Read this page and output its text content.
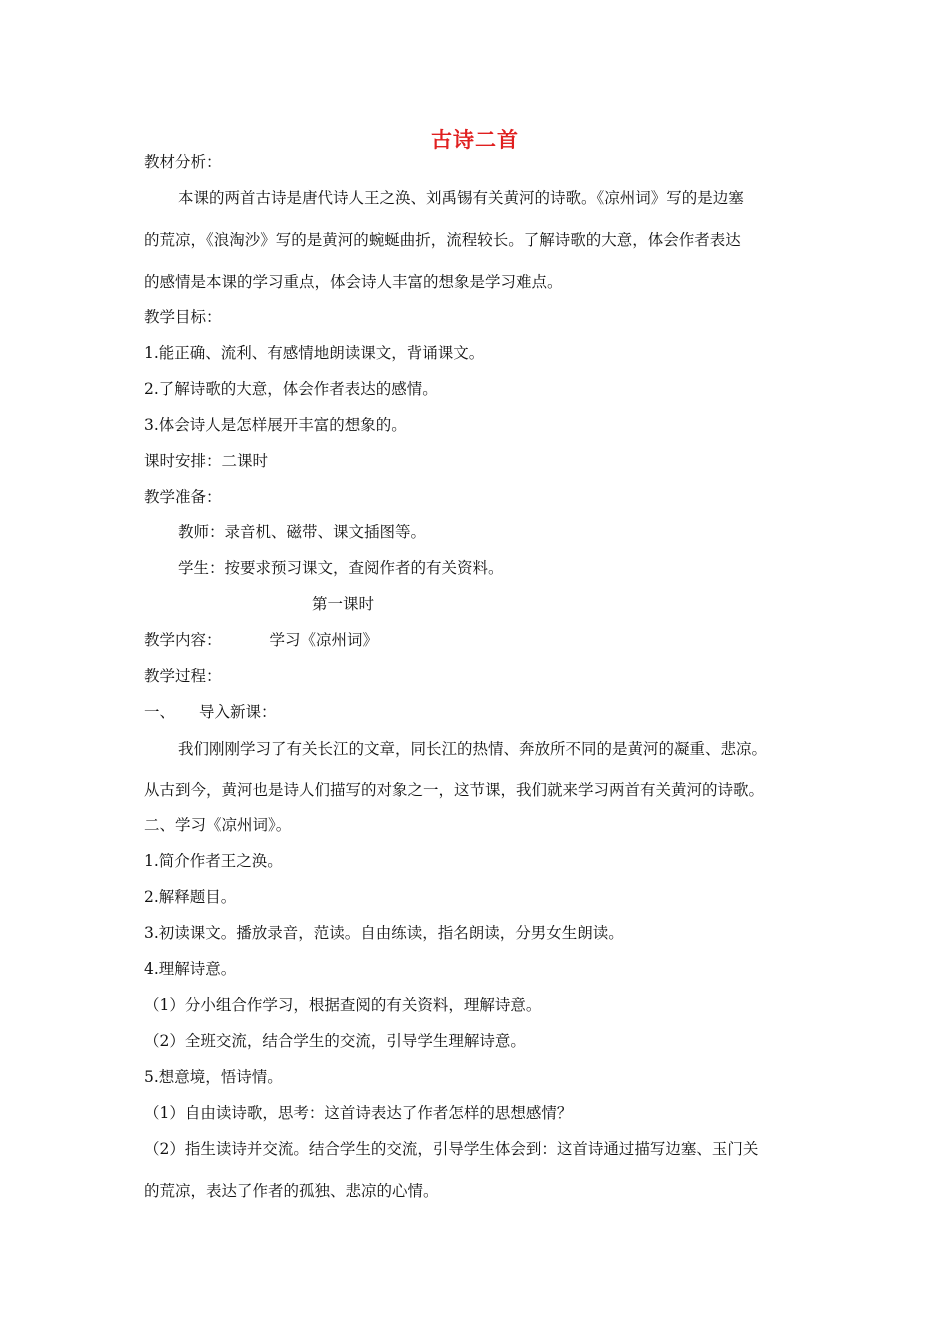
古诗二首
教材分析：
本课的两首古诗是唐代诗人王之涣、刘禹锡有关黄河的诗歌。《凉州词》写的是边塞
的荒凉，《浪淘沙》写的是黄河的蜿蜒曲折，流程较长。了解诗歌的大意，体会作者表达
的感情是本课的学习重点，体会诗人丰富的想象是学习难点。
教学目标：
1.能正确、流利、有感情地朗读课文，背诵课文。
2.了解诗歌的大意，体会作者表达的感情。
3.体会诗人是怎样展开丰富的想象的。
课时安排：二课时
教学准备：
教师：录音机、磁带、课文插图等。
学生：按要求预习课文，查阅作者的有关资料。
第一课时
教学内容：	学习《凉州词》
教学过程：
一、 导入新课：
我们刚刚学习了有关长江的文章，同长江的热情、奔放所不同的是黄河的凝重、悲凉。
从古到今，黄河也是诗人们描写的对象之一，这节课，我们就来学习两首有关黄河的诗歌。
二、学习《凉州词》。
1.简介作者王之涣。
2.解释题目。
3.初读课文。播放录音，范读。自由练读，指名朗读，分男女生朗读。
4.理解诗意。
（1）分小组合作学习，根据查阅的有关资料，理解诗意。
（2）全班交流，结合学生的交流，引导学生理解诗意。
5.想意境，悟诗情。
（1）自由读诗歌，思考：这首诗表达了作者怎样的思想感情？
（2）指生读诗并交流。结合学生的交流，引导学生体会到：这首诗通过描写边塞、玉门关
的荒凉，表达了作者的孤独、悲凉的心情。
